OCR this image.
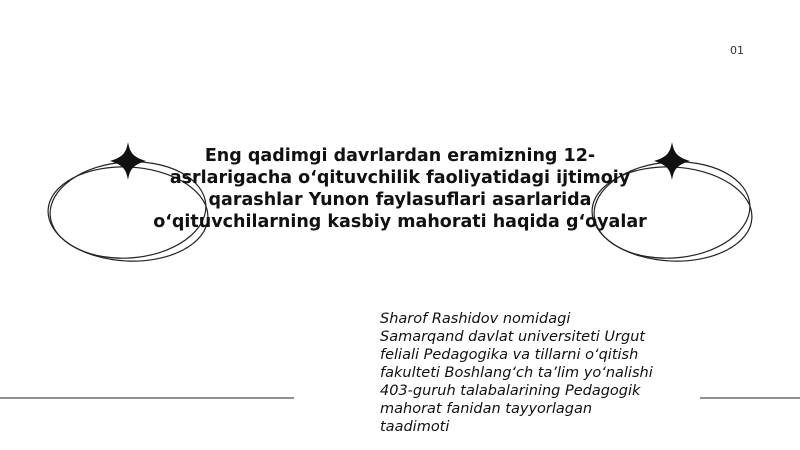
01
Eng qadimgi davrlardan eramizning 12-
asrlarigacha o‘qituvchilik faoliyatidagi ijtimoiy
qarashlar Yunon faylasuflari asarlarida
o‘qituvchilarning kasbiy mahorati haqida g‘oyalar
Sharof Rashidov nomidagi
Samarqand davlat universiteti Urgut
feliali Pedagogika va tillarni o‘qitish
fakulteti Boshlang‘ch ta’lim yo‘nalishi
403-guruh talabalarining Pedagogik
mahorat fanidan tayyorlagan
taadimoti
